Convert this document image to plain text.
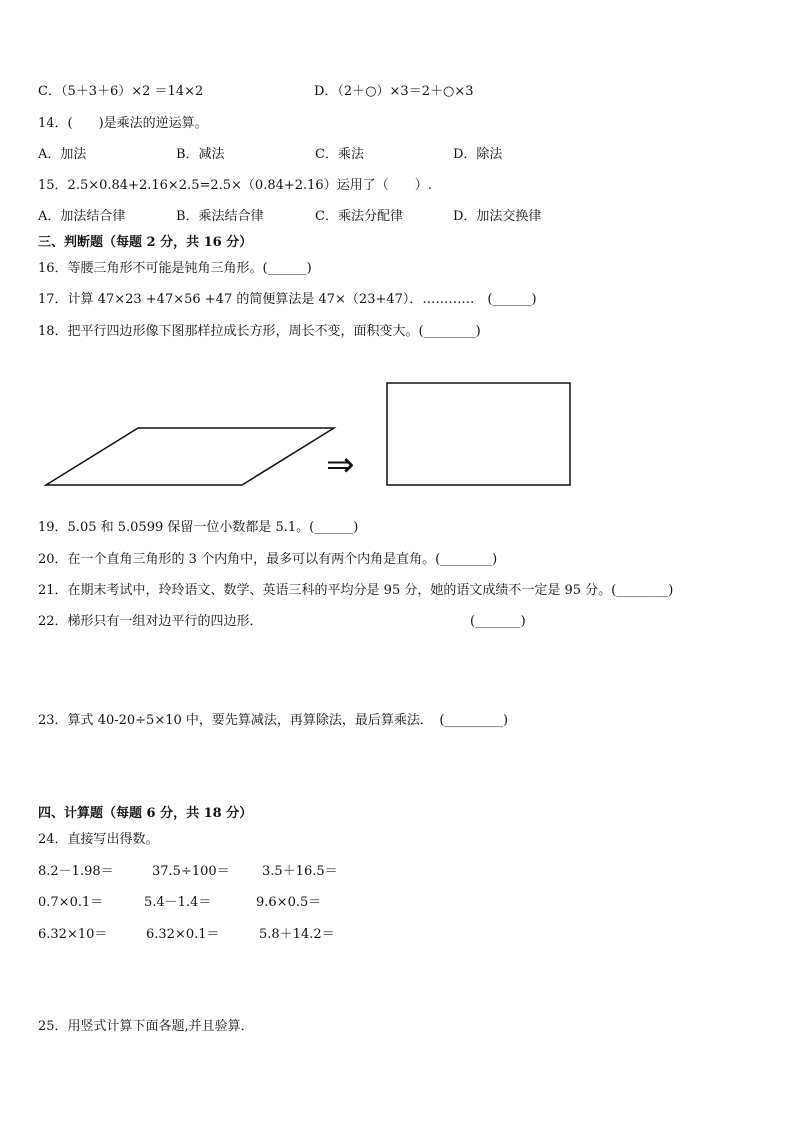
C．（5＋3＋6）×2 ＝14×2	D．（2＋○）×3＝2＋○×3
14．(　　)是乘法的逆运算。
A．加法	B．减法	C．乘法	D．除法
15．2.5×0.84+2.16×2.5=2.5×（0.84+2.16）运用了（　　）.
A．加法结合律	B．乘法结合律	C．乘法分配律	D．加法交换律
三、判断题（每题 2 分，共 16 分）
16．等腰三角形不可能是钝角三角形。(______)
17．计算 47×23 +47×56 +47 的简便算法是 47×（23+47）．…………　(______)
18．把平行四边形像下图那样拉成长方形，周长不变，面积变大。(________)
⇒
19．5.05 和 5.0599 保留一位小数都是 5.1。(______)
20．在一个直角三角形的 3 个内角中，最多可以有两个内角是直角。(________)
21．在期末考试中，玲玲语文、数学、英语三科的平均分是 95 分，她的语文成绩不一定是 95 分。(________)
22．梯形只有一组对边平行的四边形．	(_______)
23．算式 40-20÷5×10 中，要先算减法，再算除法，最后算乘法．　(_________)
四、计算题（每题 6 分，共 18 分）
24．直接写出得数。
8.2－1.98＝	37.5÷100＝ 3.5＋16.5＝
0.7×0.1＝	5.4－1.4＝	9.6×0.5＝
6.32×10＝	6.32×0.1＝	5.8＋14.2＝
25．用竖式计算下面各题,并且验算．
